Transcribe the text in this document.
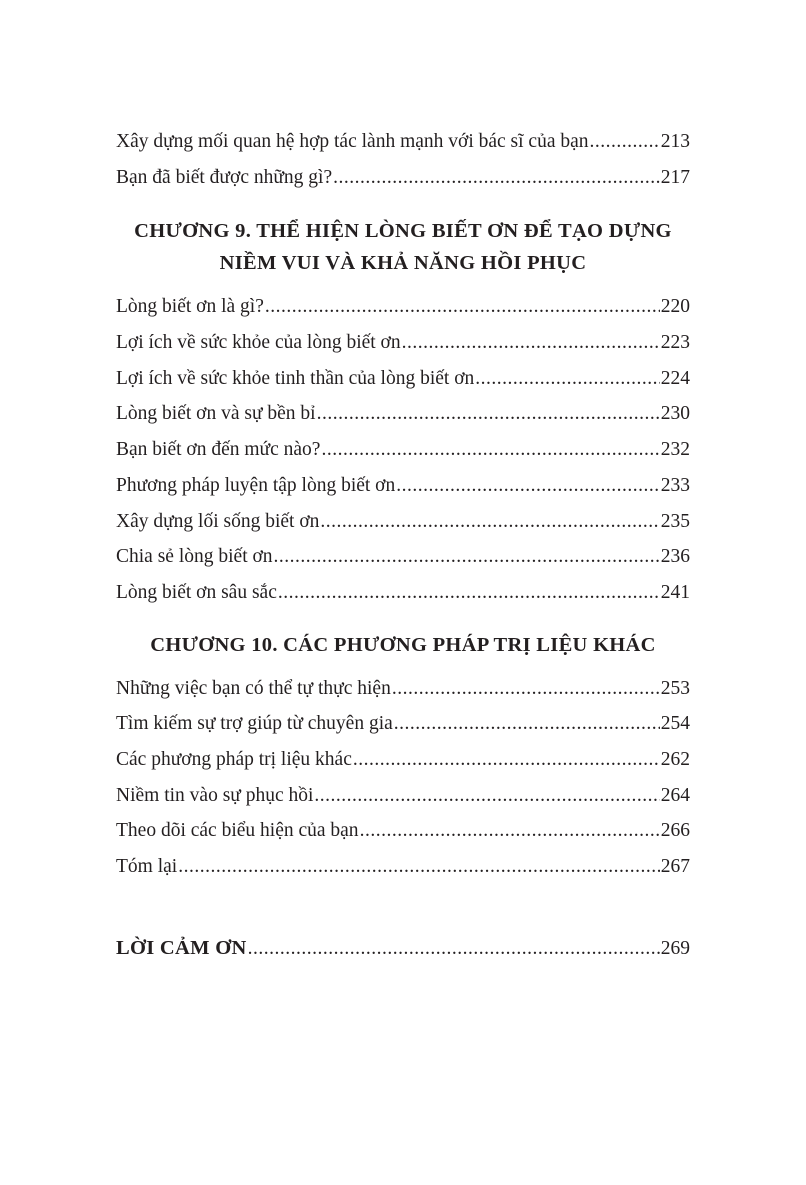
Xây dựng mối quan hệ hợp tác lành mạnh với bác sĩ của bạn .....	213
Bạn đã biết được những gì? .....	217
CHƯƠNG 9. THỂ HIỆN LÒNG BIẾT ƠN ĐỂ TẠO DỰNG
NIỀM VUI VÀ KHẢ NĂNG HỒI PHỤC
Lòng biết ơn là gì? .....	220
Lợi ích về sức khỏe của lòng biết ơn .....	223
Lợi ích về sức khỏe tinh thần của lòng biết ơn .....	224
Lòng biết ơn và sự bền bỉ .....	230
Bạn biết ơn đến mức nào? .....	232
Phương pháp luyện tập lòng biết ơn .....	233
Xây dựng lối sống biết ơn .....	235
Chia sẻ lòng biết ơn .....	236
Lòng biết ơn sâu sắc .....	241
CHƯƠNG 10. CÁC PHƯƠNG PHÁP TRỊ LIỆU KHÁC
Những việc bạn có thể tự thực hiện .....	253
Tìm kiếm sự trợ giúp từ chuyên gia .....	254
Các phương pháp trị liệu khác .....	262
Niềm tin vào sự phục hồi .....	264
Theo dõi các biểu hiện của bạn .....	266
Tóm lại .....	267
LỜI CẢM ƠN .....	269
